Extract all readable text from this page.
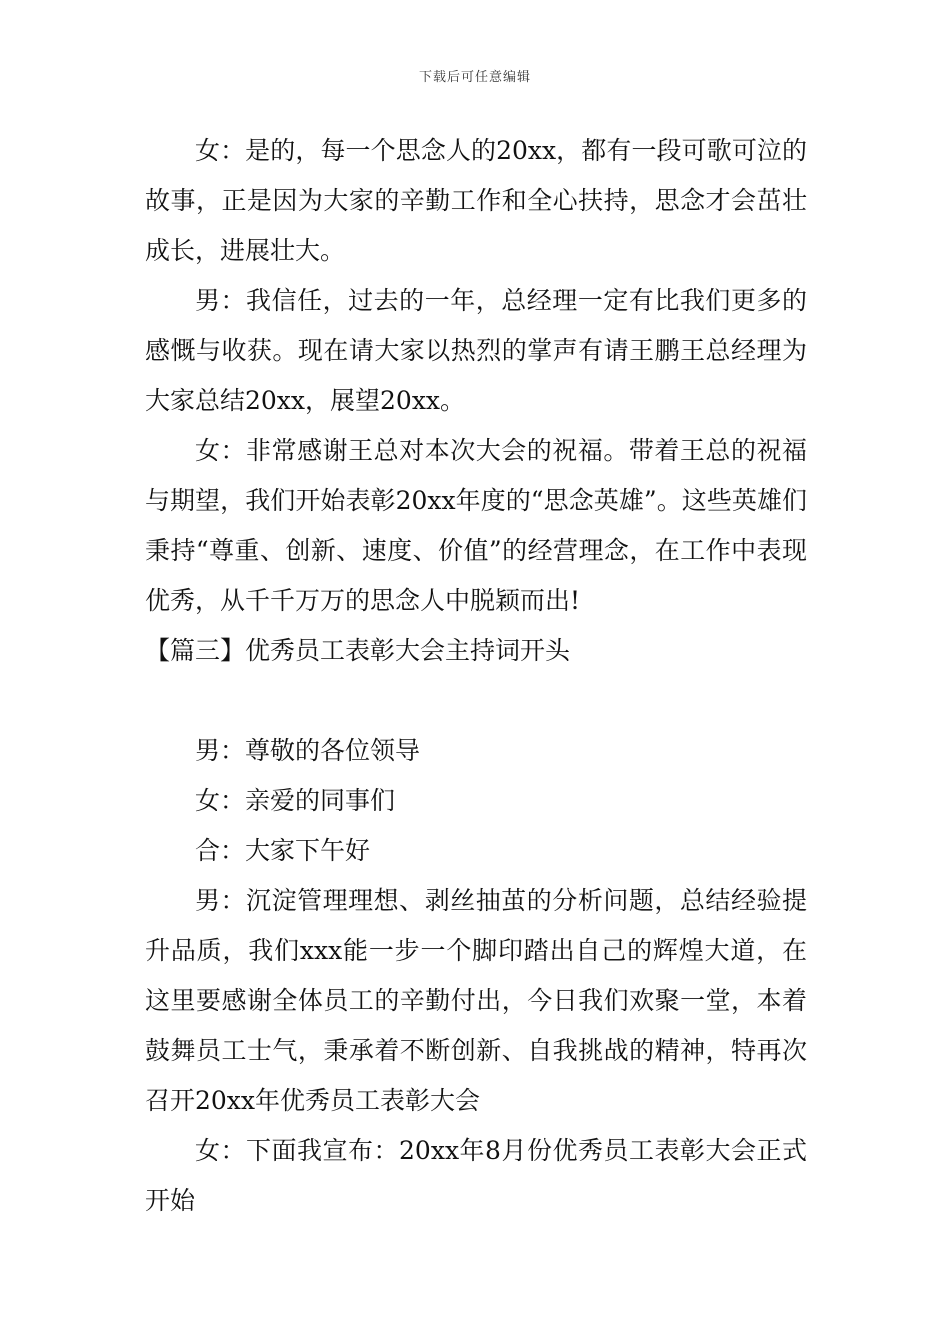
下载后可任意编辑

女：是的，每一个思念人的20xx，都有一段可歌可泣的故事，正是因为大家的辛勤工作和全心扶持，思念才会茁壮成长，进展壮大。

男：我信任，过去的一年，总经理一定有比我们更多的感慨与收获。现在请大家以热烈的掌声有请王鹏王总经理为大家总结20xx，展望20xx。

女：非常感谢王总对本次大会的祝福。带着王总的祝福与期望，我们开始表彰20xx年度的“思念英雄”。这些英雄们秉持“尊重、创新、速度、价值”的经营理念，在工作中表现优秀，从千千万万的思念人中脱颖而出!

【篇三】优秀员工表彰大会主持词开头

男：尊敬的各位领导

女：亲爱的同事们

合：大家下午好

男：沉淀管理理想、剥丝抽茧的分析问题，总结经验提升品质，我们xxx能一步一个脚印踏出自己的辉煌大道，在这里要感谢全体员工的辛勤付出，今日我们欢聚一堂，本着鼓舞员工士气，秉承着不断创新、自我挑战的精神，特再次召开20xx年优秀员工表彰大会

女：下面我宣布：20xx年8月份优秀员工表彰大会正式开始
